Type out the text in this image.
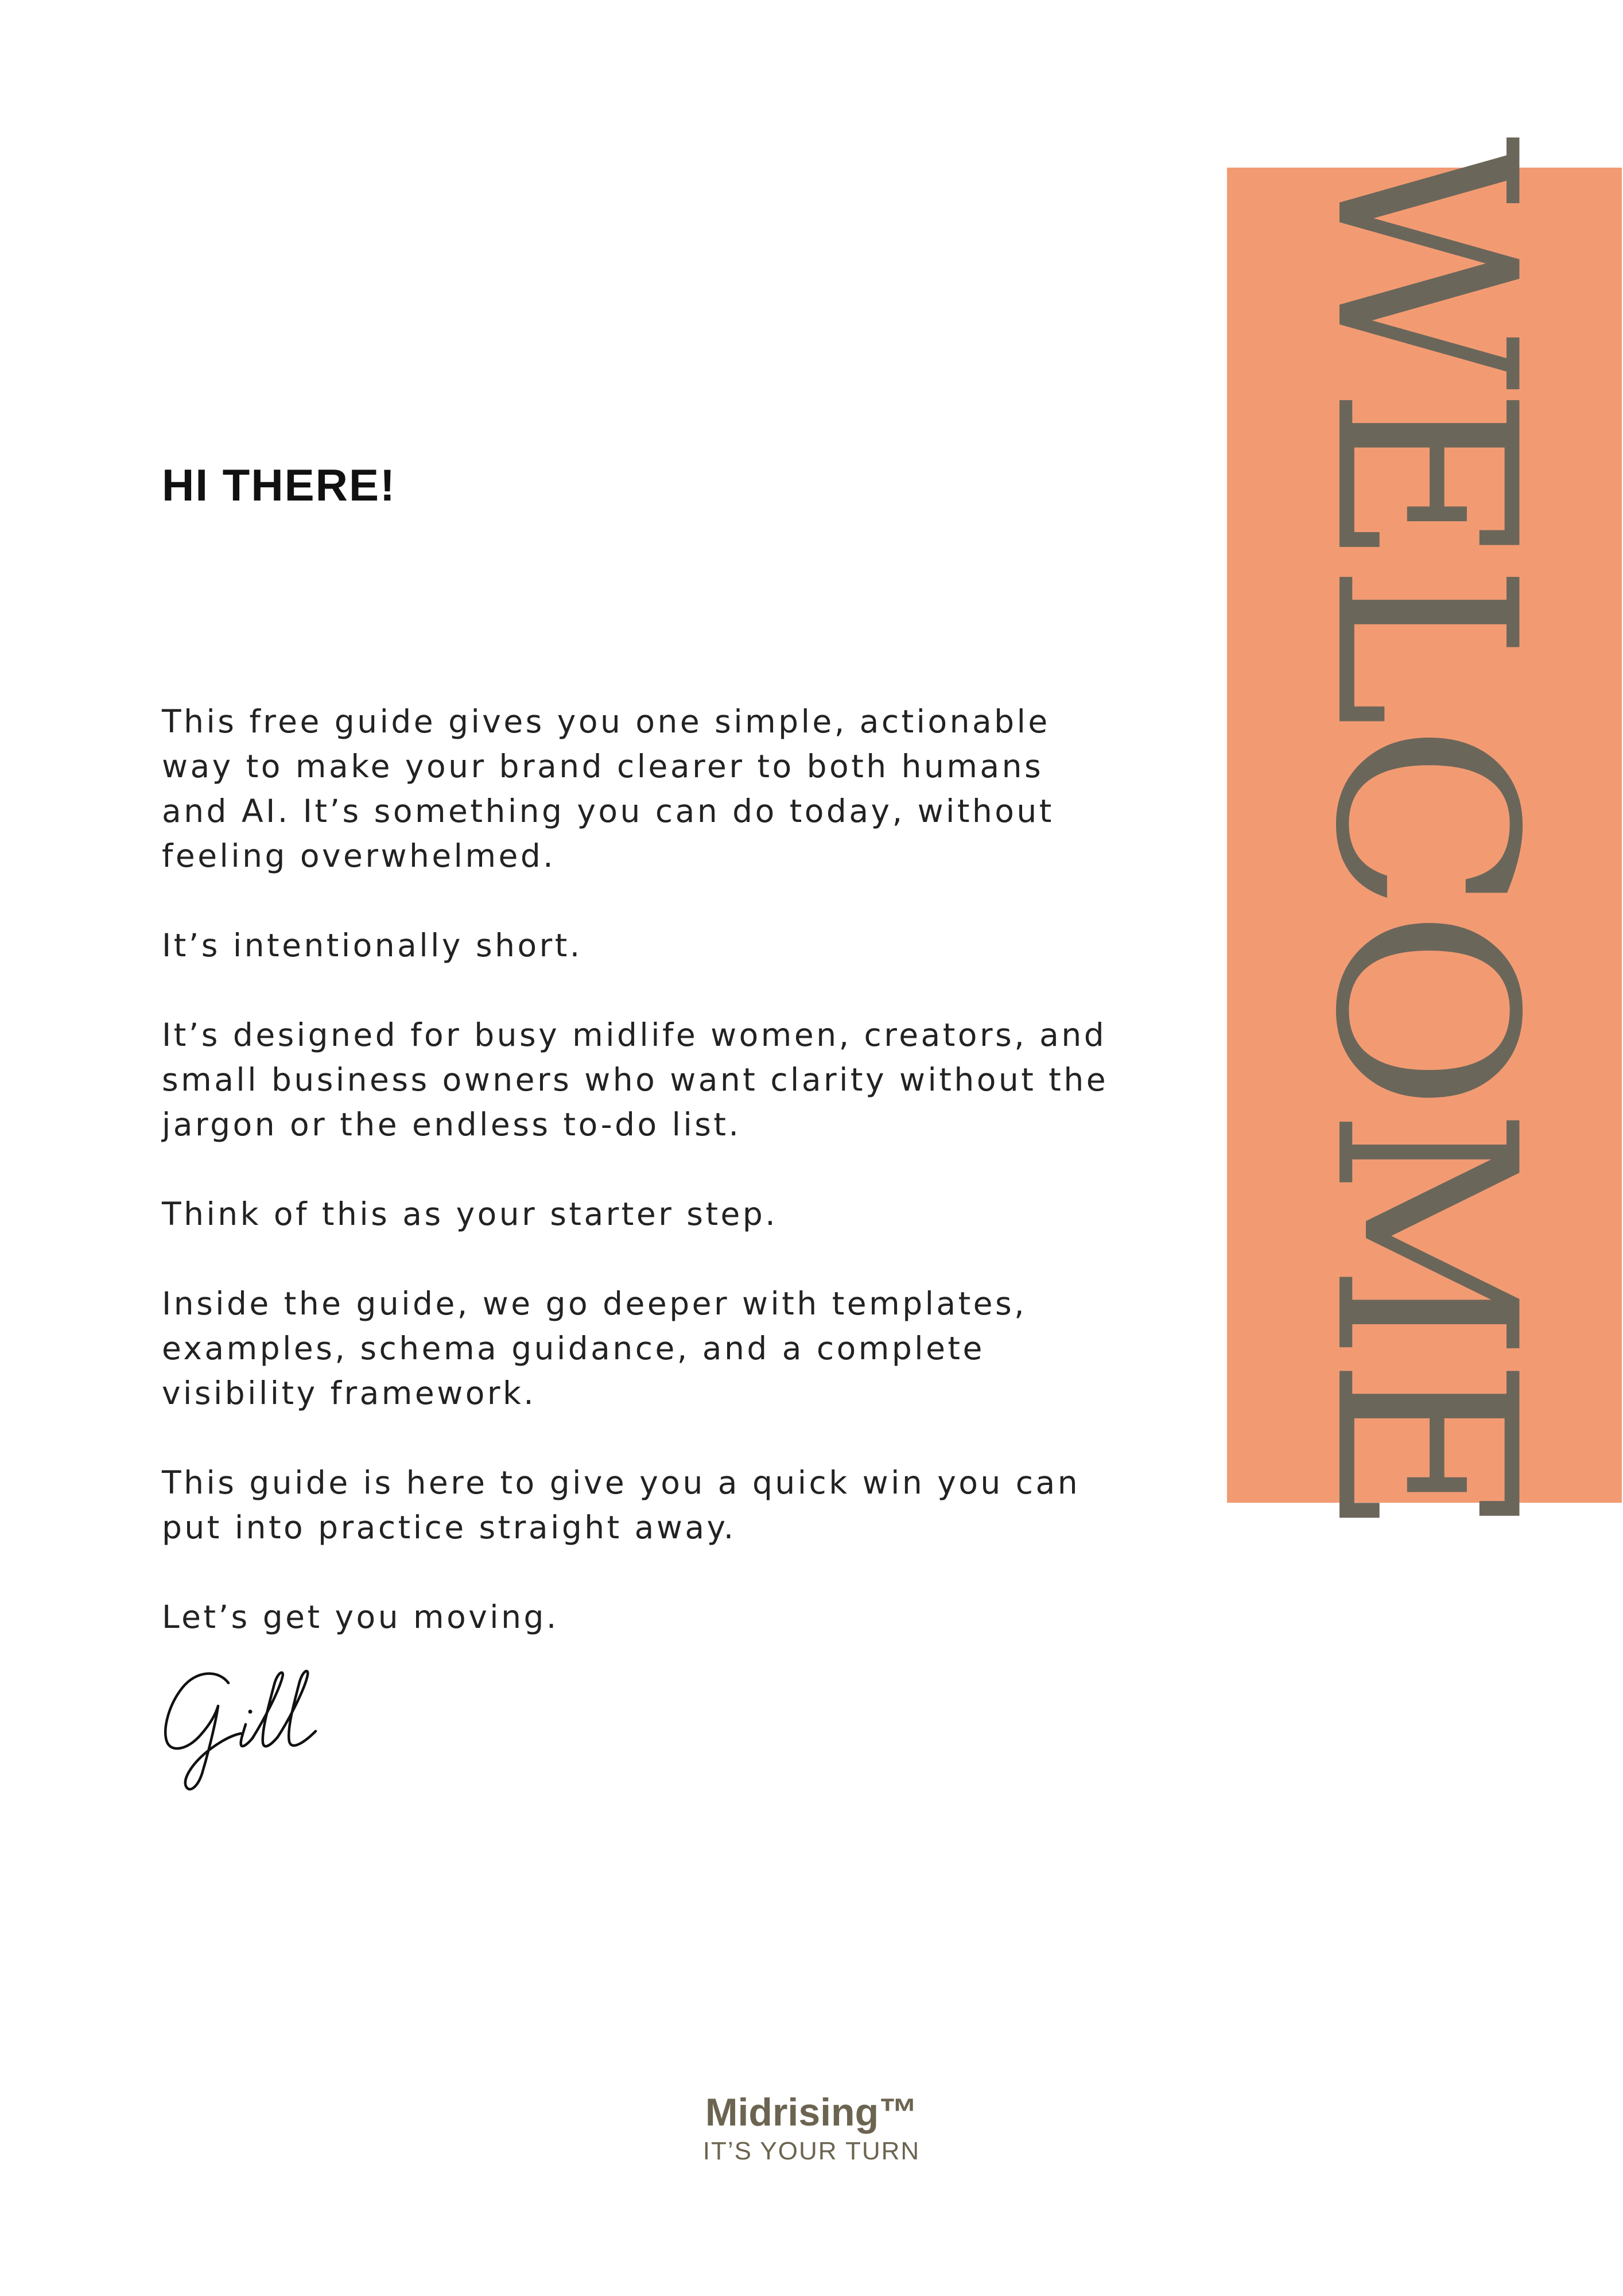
WELCOME
HI THERE!

This free guide gives you one simple, actionable way to make your brand clearer to both humans and AI. It’s something you can do today, without feeling overwhelmed.

It’s intentionally short.

It’s designed for busy midlife women, creators, and small business owners who want clarity without the jargon or the endless to-do list.

Think of this as your starter step.

Inside the guide, we go deeper with templates, examples, schema guidance, and a complete visibility framework.

This guide is here to give you a quick win you can put into practice straight away.

Let’s get you moving.

Midrising™
IT’S YOUR TURN
